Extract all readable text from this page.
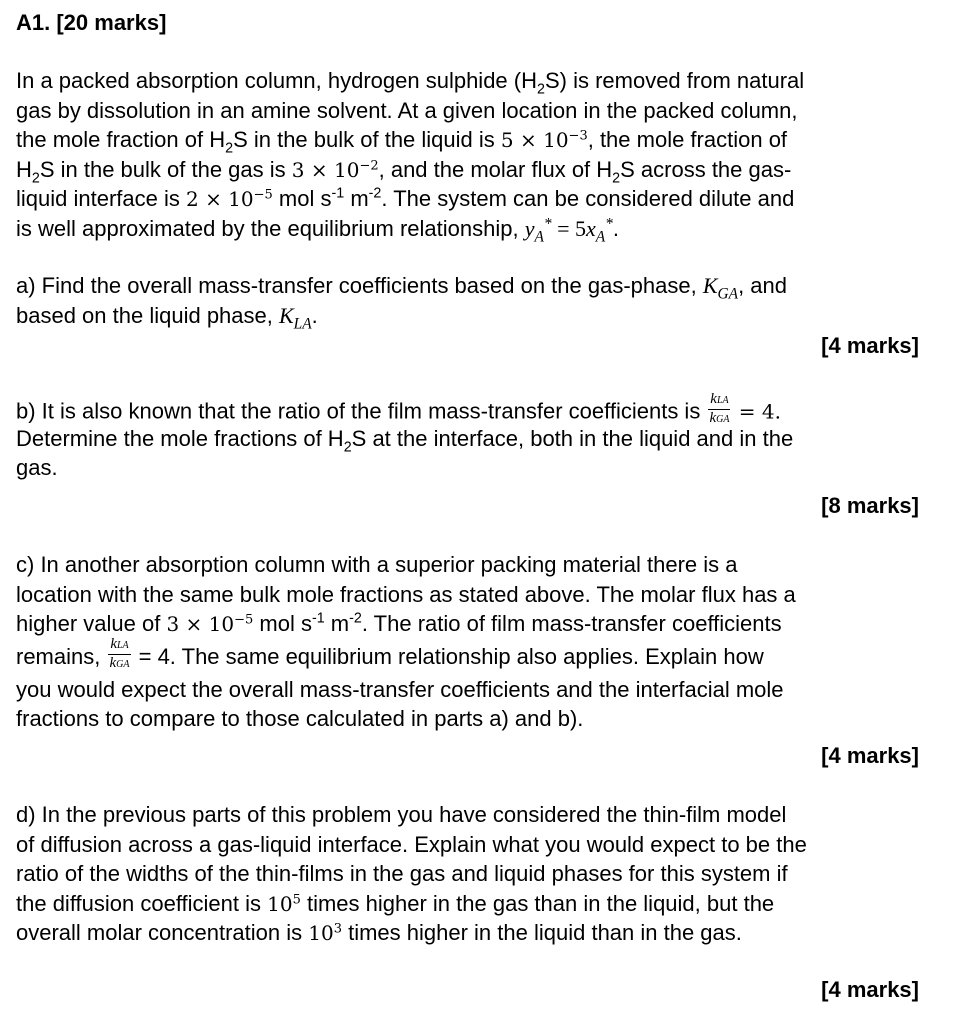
A1. [20 marks]
In a packed absorption column, hydrogen sulphide $(H_2S)$ is removed from natural
gas by dissolution in an amine solvent. At a given location in the packed column,
the mole fraction of $H_2S$ in the bulk of the liquid is $5 \times 10^{-3}$, the mole fraction of
$H_2S$ in the bulk of the gas is $3 \times 10^{-2}$, and the molar flux of $H_2S$ across the gas-
liquid interface is $2 \times 10^{-5}$ mol $s^{-1}$ $m^{-2}$. The system can be considered dilute and
is well approximated by the equilibrium relationship, $y_A^* = 5x_A^*$.
a) Find the overall mass-transfer coefficients based on the gas-phase, $K_{GA}$, and
based on the liquid phase, $K_{LA}$.
[4 marks]
b) It is also known that the ratio of the film mass-transfer coefficients is $\frac{\text{kLA}}{\text{kGA}} = 4$.
Determine the mole fractions of $H_2S$ at the interface, both in the liquid and in the
gas.
[8 marks]
c) In another absorption column with a superior packing material there is a
location with the same bulk mole fractions as stated above. The molar flux has a
higher value of $3 \times 10^{-5}$ mol $s^{-1}$ $m^{-2}$. The ratio of film mass-transfer coefficients
remains, $\frac{\text{kLA}}{\text{kGA}} = 4$. The same equilibrium relationship also applies. Explain how
you would expect the overall mass-transfer coefficients and the interfacial mole
fractions to compare to those calculated in parts a) and b).
[4 marks]
d) In the previous parts of this problem you have considered the thin-film model
of diffusion across a gas-liquid interface. Explain what you would expect to be the
ratio of the widths of the thin-films in the gas and liquid phases for this system if
the diffusion coefficient is $10^5$ times higher in the gas than in the liquid, but the
overall molar concentration is $10^3$ times higher in the liquid than in the gas.
[4 marks]
